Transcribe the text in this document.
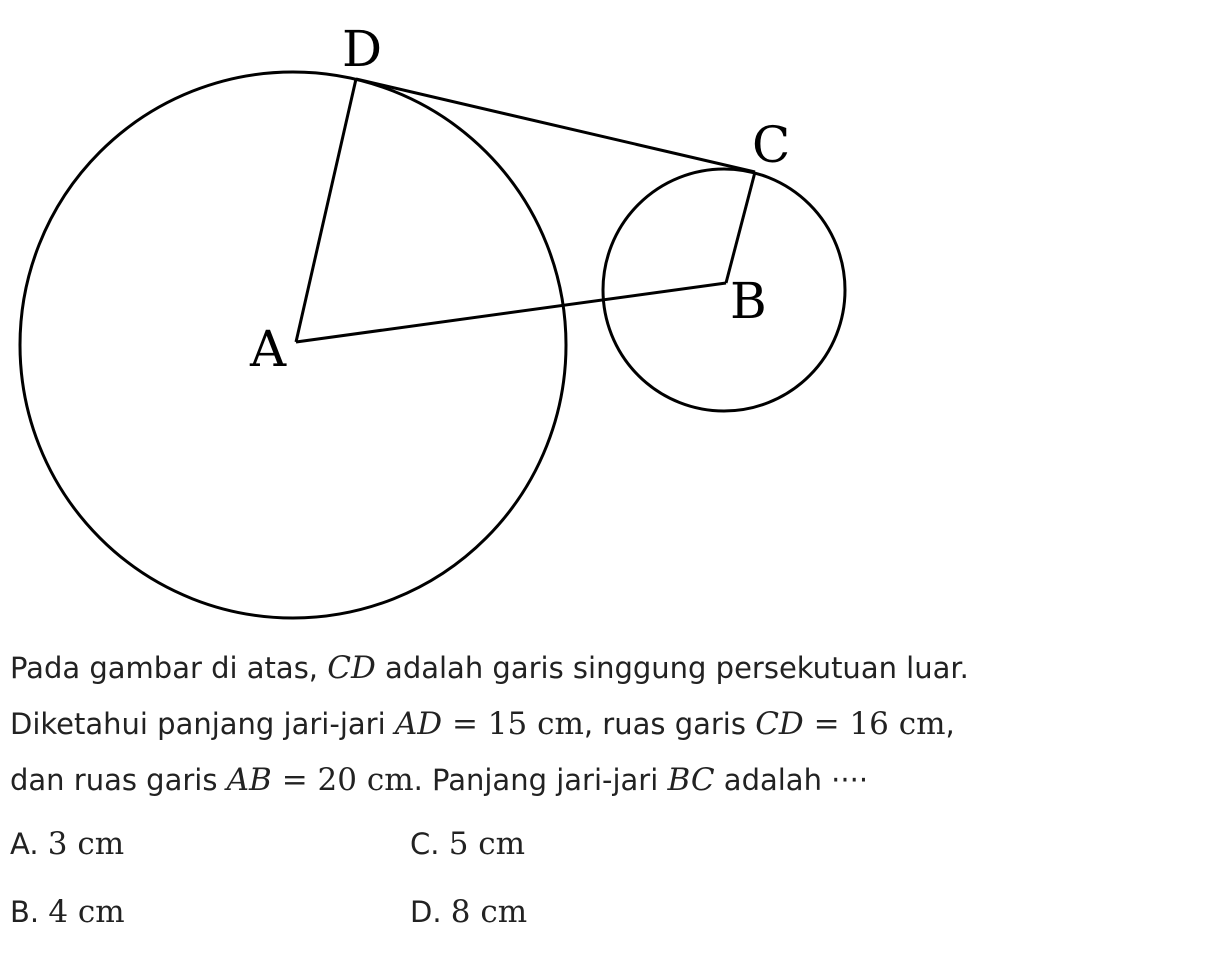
D
C
B
A
Pada gambar di atas, CD adalah garis singgung persekutuan luar.
Diketahui panjang jari-jari AD = 15 cm, ruas garis CD = 16 cm,
dan ruas garis AB = 20 cm. Panjang jari-jari BC adalah ····
A. 3 cm
B. 4 cm
C. 5 cm
D. 8 cm
